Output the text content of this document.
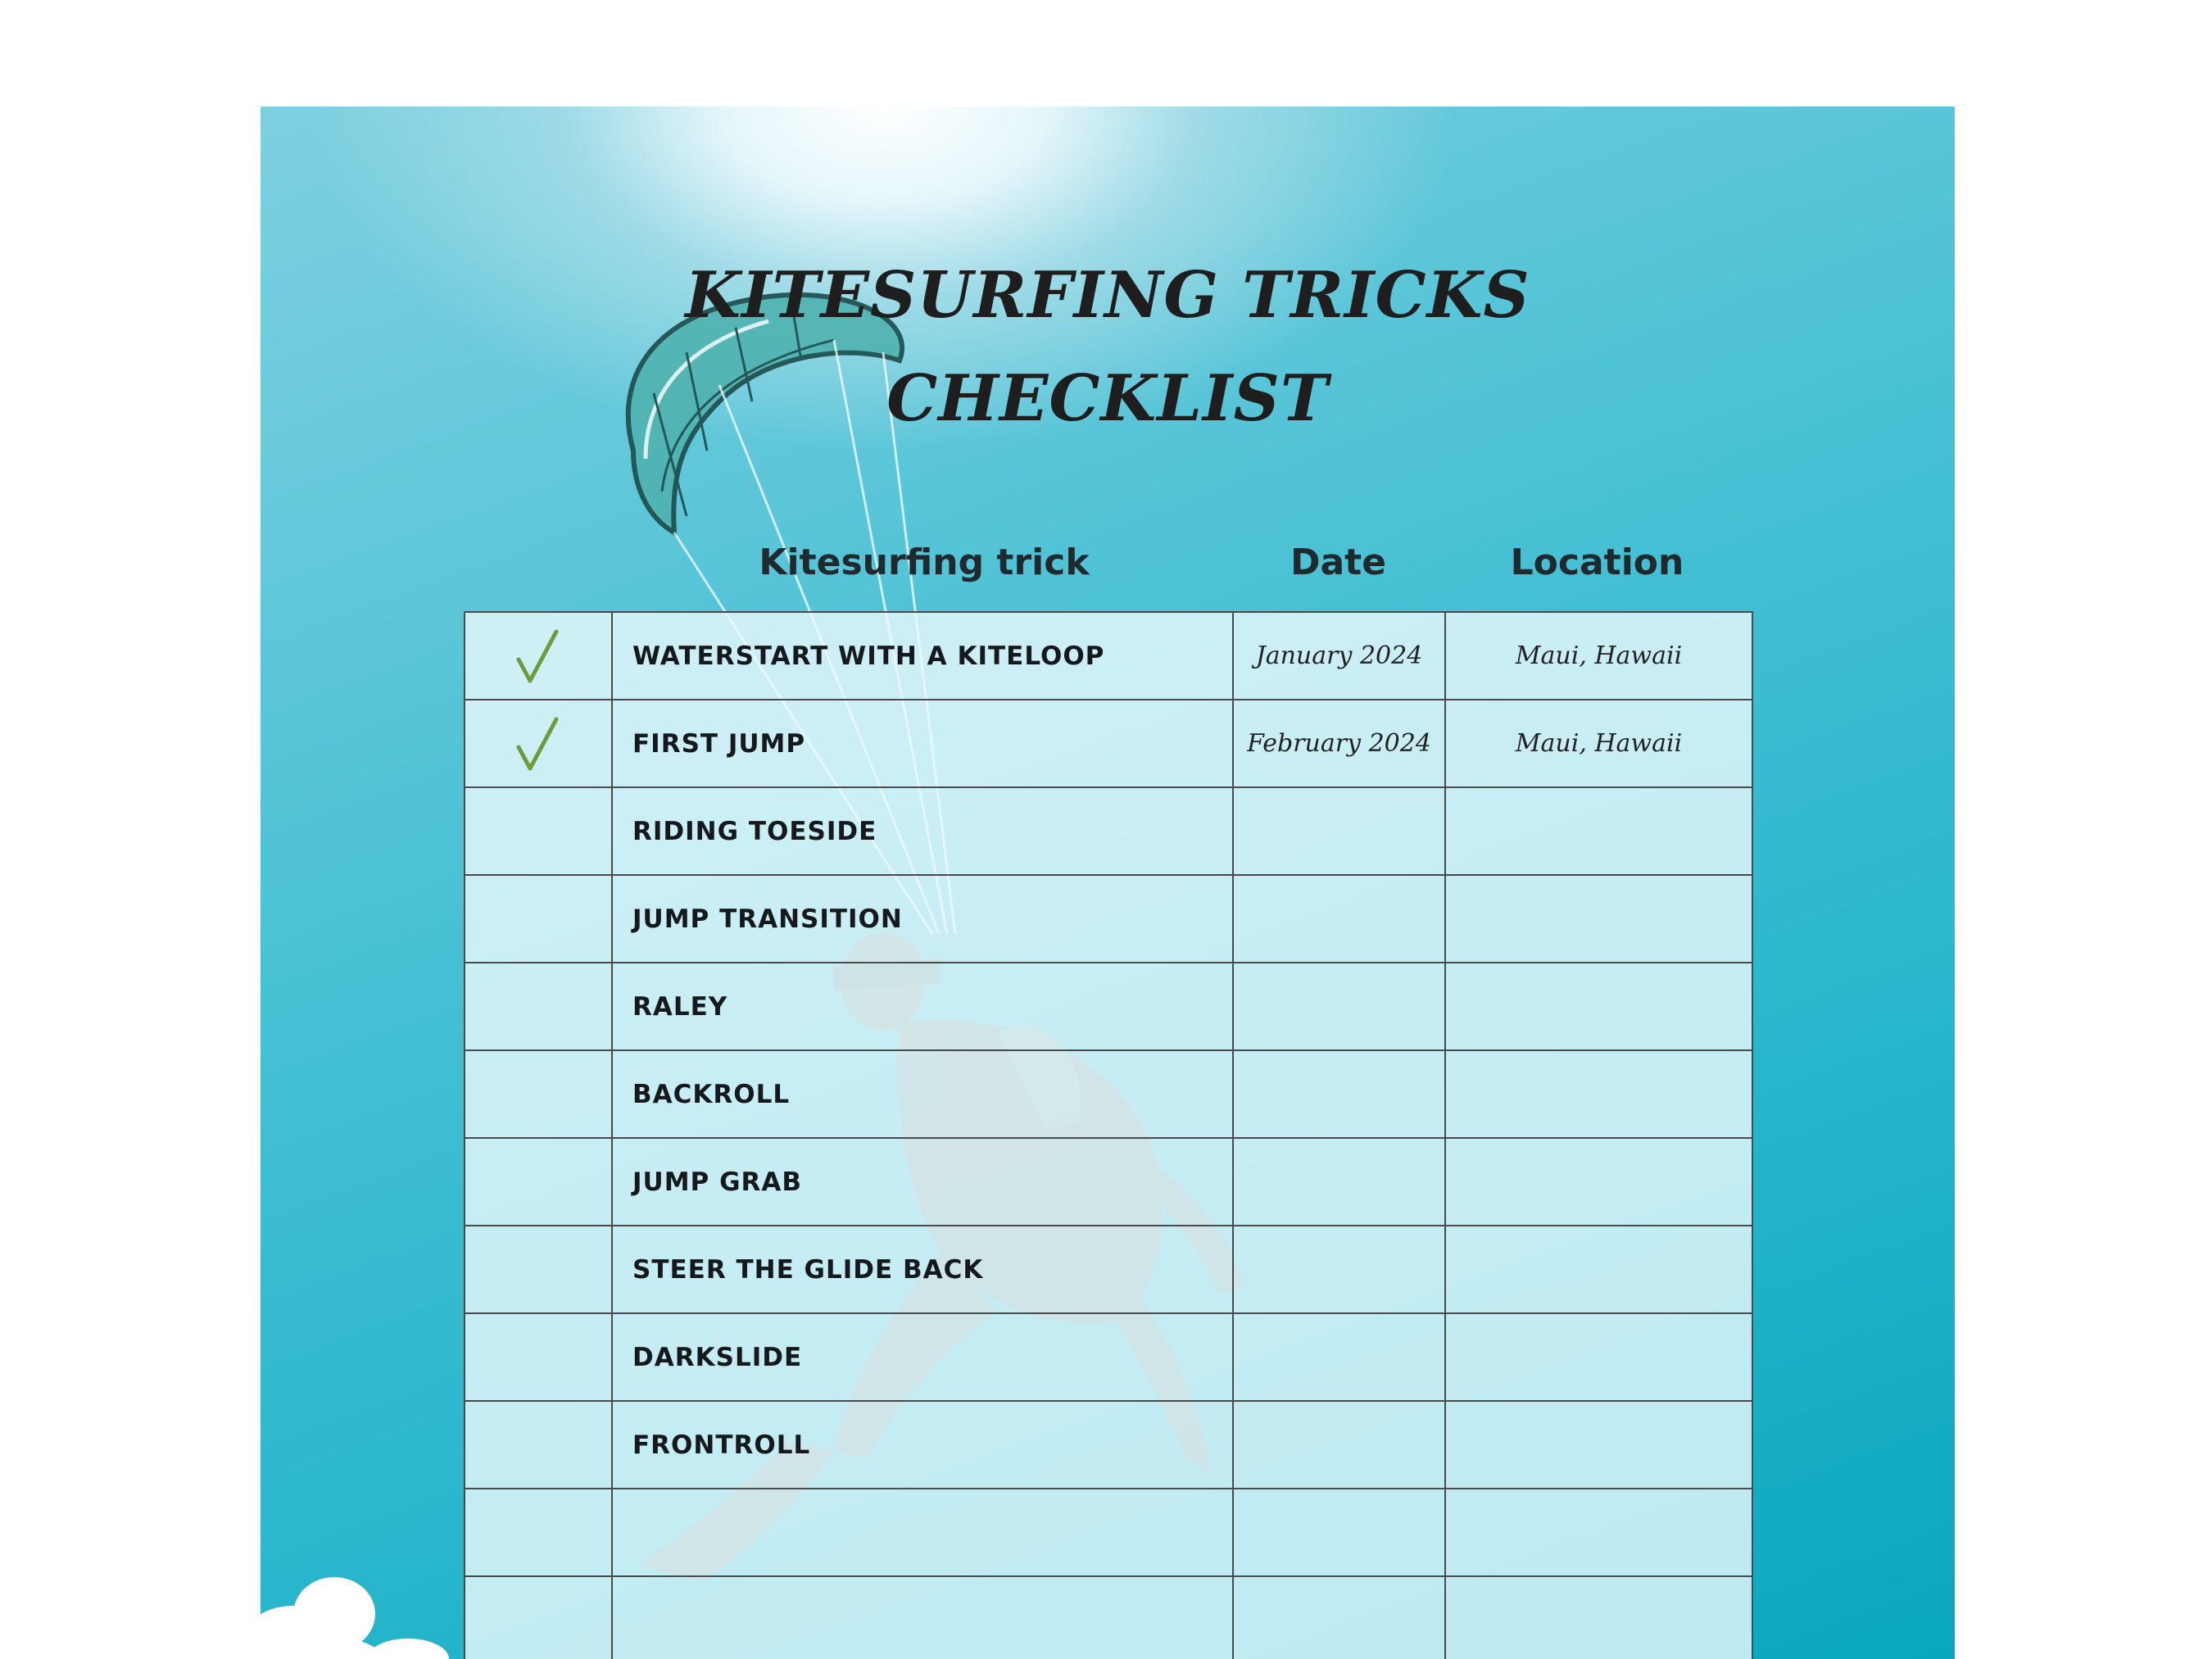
KITESURFING TRICKS
CHECKLIST
Kitesurfing trick	Date	Location
WATERSTART WITH A KITELOOP	January 2024	Maui, Hawaii
FIRST JUMP	February 2024	Maui, Hawaii
RIDING TOESIDE
JUMP TRANSITION
RALEY
BACKROLL
JUMP GRAB
STEER THE GLIDE BACK
DARKSLIDE
FRONTROLL
